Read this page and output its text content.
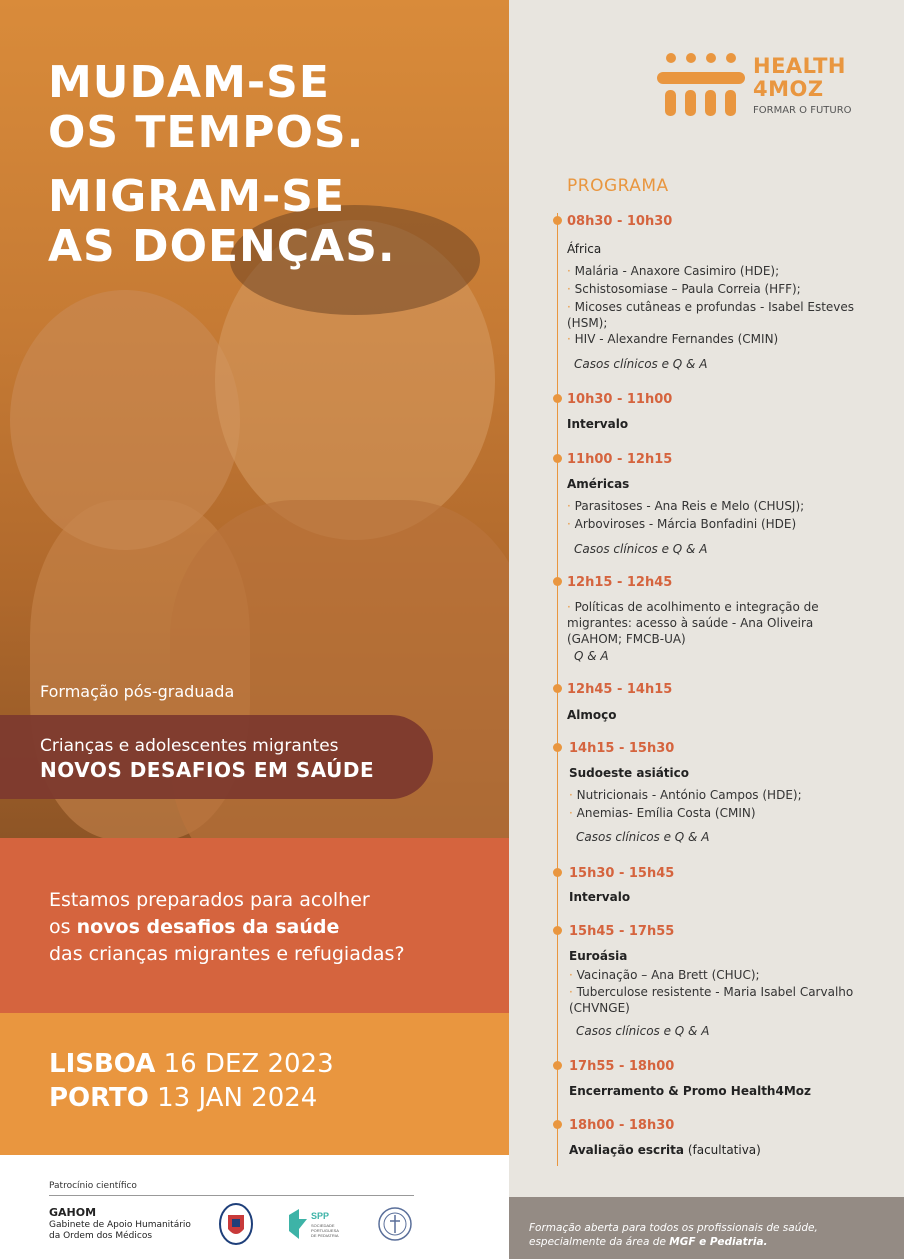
MUDAM-SE
OS TEMPOS.
MIGRAM-SE
AS DOENÇAS.
Formação pós-graduada
Crianças e adolescentes migrantes
NOVOS DESAFIOS EM SAÚDE
Estamos preparados para acolher
os novos desafios da saúde
das crianças migrantes e refugiadas?
LISBOA 16 DEZ 2023
PORTO 13 JAN 2024
Patrocínio científico
GAHOM
Gabinete de Apoio Humanitário
da Ordem dos Médicos
SPP
SOCIEDADE
PORTUGUESA
DE PEDIATRIA
HEALTH
4MOZ
FORMAR O FUTURO
PROGRAMA
08h30 - 10h30
África
· Malária - Anaxore Casimiro (HDE);
· Schistosomiase – Paula Correia (HFF);
· Micoses cutâneas e profundas - Isabel Esteves (HSM);
· HIV - Alexandre Fernandes (CMIN)
Casos clínicos e Q & A
10h30 - 11h00
Intervalo
11h00 - 12h15
Américas
· Parasitoses - Ana Reis e Melo (CHUSJ);
· Arboviroses - Márcia Bonfadini (HDE)
Casos clínicos e Q & A
12h15 - 12h45
· Políticas de acolhimento e integração de migrantes: acesso à saúde - Ana Oliveira (GAHOM; FMCB-UA)
Q & A
12h45 - 14h15
Almoço
14h15 - 15h30
Sudoeste asiático
· Nutricionais - António Campos (HDE);
· Anemias- Emília Costa (CMIN)
Casos clínicos e Q & A
15h30 - 15h45
Intervalo
15h45 - 17h55
Euroásia
· Vacinação – Ana Brett (CHUC);
· Tuberculose resistente - Maria Isabel Carvalho (CHVNGE)
Casos clínicos e Q & A
17h55 - 18h00
Encerramento & Promo Health4Moz
18h00 - 18h30
Avaliação escrita (facultativa)
Formação aberta para todos os profissionais de saúde, especialmente da área de MGF e Pediatria.
